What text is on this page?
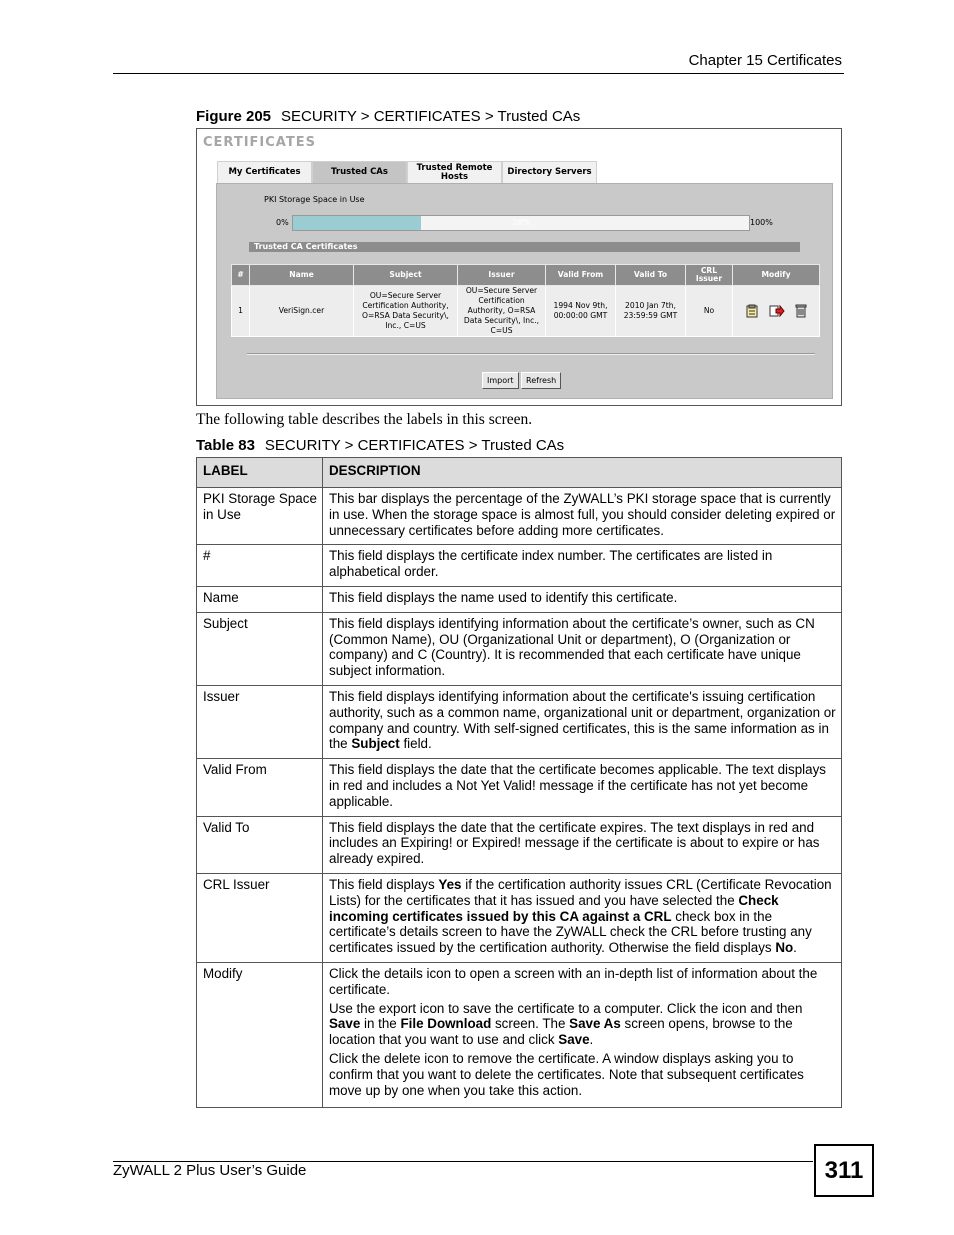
Chapter 15 Certificates
Figure 205 SECURITY > CERTIFICATES > Trusted CAs
CERTIFICATES
My Certificates	Trusted CAs	Trusted Remote Hosts	Directory Servers
PKI Storage Space in Use
0%	28%	100%
Trusted CA Certificates
#	Name	Subject	Issuer	Valid From	Valid To	CRL Issuer	Modify
1	VeriSign.cer	OU=Secure Server Certification Authority, O=RSA Data Security\, Inc., C=US	OU=Secure Server Certification Authority, O=RSA Data Security\, Inc., C=US	1994 Nov 9th, 00:00:00 GMT	2010 Jan 7th, 23:59:59 GMT	No	
Import	Refresh
The following table describes the labels in this screen.
Table 83 SECURITY > CERTIFICATES > Trusted CAs
LABEL	DESCRIPTION
PKI Storage Space in Use	This bar displays the percentage of the ZyWALL’s PKI storage space that is currently in use. When the storage space is almost full, you should consider deleting expired or unnecessary certificates before adding more certificates.
#	This field displays the certificate index number. The certificates are listed in alphabetical order.
Name	This field displays the name used to identify this certificate.
Subject	This field displays identifying information about the certificate’s owner, such as CN (Common Name), OU (Organizational Unit or department), O (Organization or company) and C (Country). It is recommended that each certificate have unique subject information.
Issuer	This field displays identifying information about the certificate's issuing certification authority, such as a common name, organizational unit or department, organization or company and country. With self-signed certificates, this is the same information as in the Subject field.
Valid From	This field displays the date that the certificate becomes applicable. The text displays in red and includes a Not Yet Valid! message if the certificate has not yet become applicable.
Valid To	This field displays the date that the certificate expires. The text displays in red and includes an Expiring! or Expired! message if the certificate is about to expire or has already expired.
CRL Issuer	This field displays Yes if the certification authority issues CRL (Certificate Revocation Lists) for the certificates that it has issued and you have selected the Check incoming certificates issued by this CA against a CRL check box in the certificate’s details screen to have the ZyWALL check the CRL before trusting any certificates issued by the certification authority. Otherwise the field displays No.
Modify	Click the details icon to open a screen with an in-depth list of information about the certificate.

Use the export icon to save the certificate to a computer. Click the icon and then Save in the File Download screen. The Save As screen opens, browse to the location that you want to use and click Save.

Click the delete icon to remove the certificate. A window displays asking you to confirm that you want to delete the certificates. Note that subsequent certificates move up by one when you take this action.

ZyWALL 2 Plus User’s Guide	311
